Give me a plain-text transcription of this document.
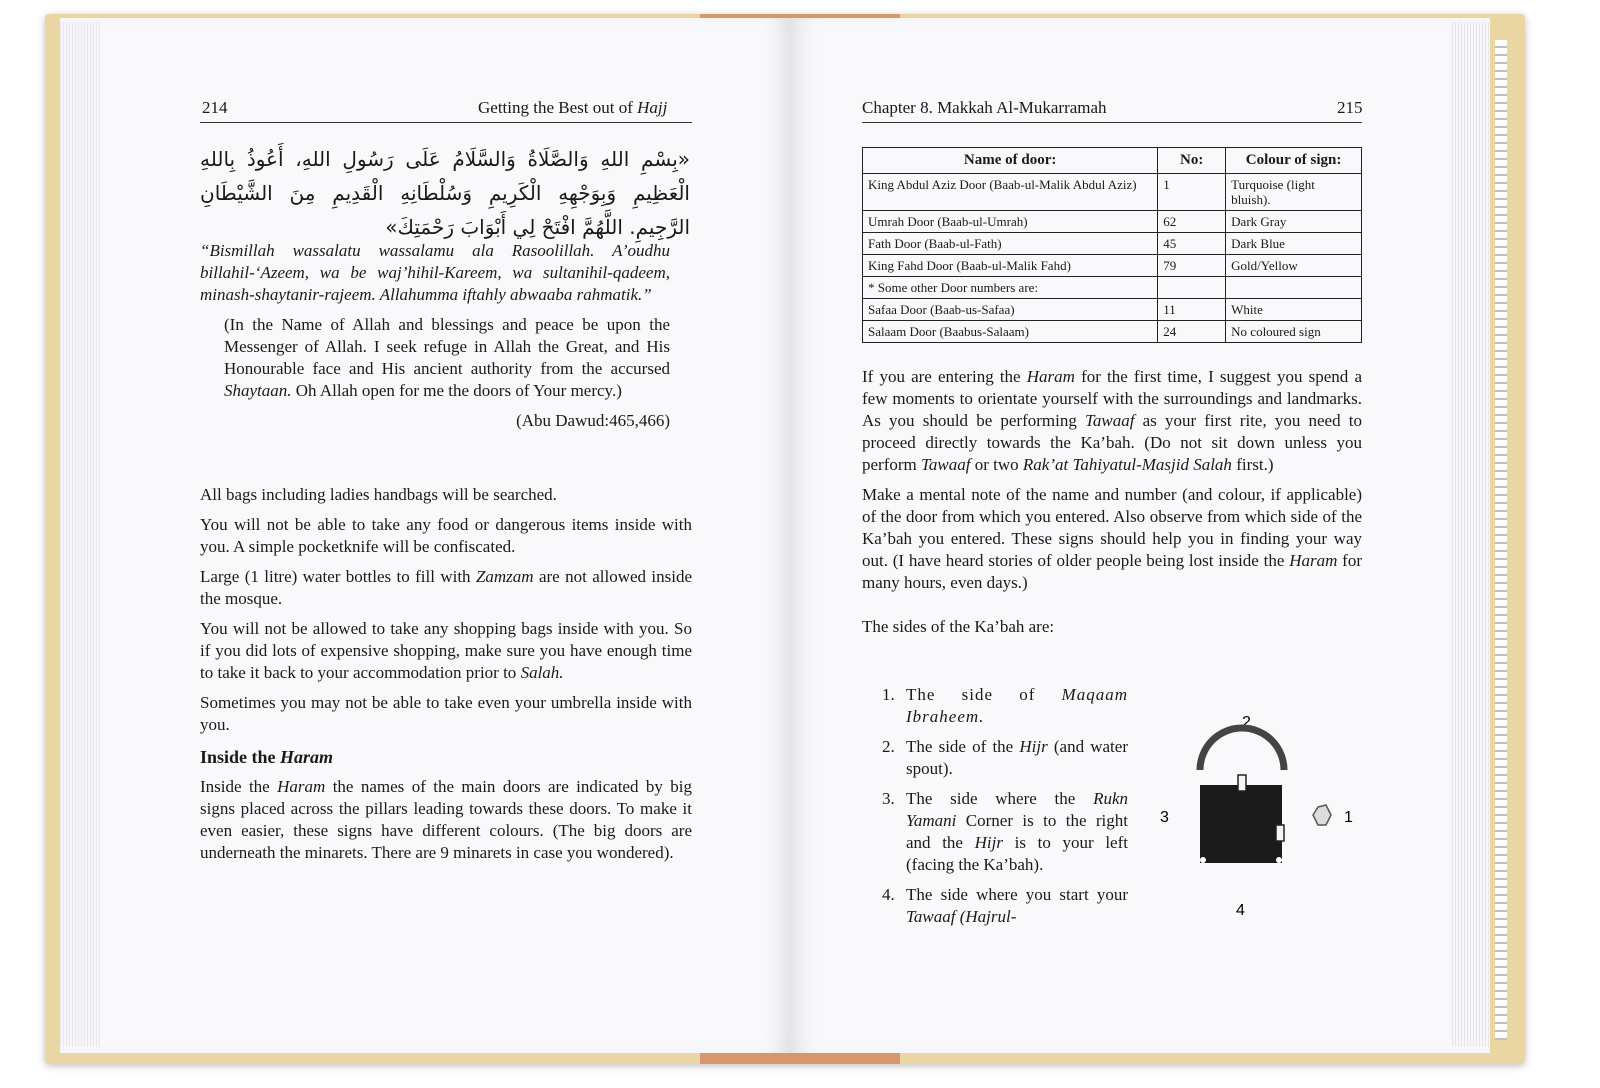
214	Getting the Best out of Hajj
«بِسْمِ اللهِ وَالصَّلَاةُ وَالسَّلَامُ عَلَى رَسُولِ اللهِ، أَعُوذُ بِاللهِ الْعَظِيمِ وَبِوَجْهِهِ الْكَرِيمِ وَسُلْطَانِهِ الْقَدِيمِ مِنَ الشَّيْطَانِ الرَّجِيمِ. اللَّهُمَّ افْتَحْ لِي أَبْوَابَ رَحْمَتِكَ»

“Bismillah wassalatu wassalamu ala Rasoolillah. A’oudhu billahil-‘Azeem, wa be waj’hihil-Kareem, wa sultanihil-qadeem, minash-shaytanir-rajeem. Allahumma iftahly abwaaba rahmatik.”

(In the Name of Allah and blessings and peace be upon the Messenger of Allah. I seek refuge in Allah the Great, and His Honourable face and His ancient authority from the accursed Shaytaan. Oh Allah open for me the doors of Your mercy.)

(Abu Dawud:465,466)

All bags including ladies handbags will be searched.

You will not be able to take any food or dangerous items inside with you. A simple pocketknife will be confiscated.

Large (1 litre) water bottles to fill with Zamzam are not allowed inside the mosque.

You will not be allowed to take any shopping bags inside with you. So if you did lots of expensive shopping, make sure you have enough time to take it back to your accommodation prior to Salah.

Sometimes you may not be able to take even your umbrella inside with you.

Inside the Haram

Inside the Haram the names of the main doors are indicated by big signs placed across the pillars leading towards these doors. To make it even easier, these signs have different colours. (The big doors are underneath the minarets. There are 9 minarets in case you wondered).

Chapter 8. Makkah Al-Mukarramah	215
Name of door:	No:	Colour of sign:
King Abdul Aziz Door (Baab-ul-Malik Abdul Aziz)	1	Turquoise (light bluish).
Umrah Door (Baab-ul-Umrah)	62	Dark Gray
Fath Door (Baab-ul-Fath)	45	Dark Blue
King Fahd Door (Baab-ul-Malik Fahd)	79	Gold/Yellow
* Some other Door numbers are:		
Safaa Door (Baab-us-Safaa)	11	White
Salaam Door (Baabus-Salaam)	24	No coloured sign

If you are entering the Haram for the first time, I suggest you spend a few moments to orientate yourself with the surroundings and landmarks. As you should be performing Tawaaf as your first rite, you need to proceed directly towards the Ka’bah. (Do not sit down unless you perform Tawaaf or two Rak’at Tahiyatul-Masjid Salah first.)

Make a mental note of the name and number (and colour, if applicable) of the door from which you entered. Also observe from which side of the Ka’bah you entered. These signs should help you in finding your way out. (I have heard stories of older people being lost inside the Haram for many hours, even days.)

The sides of the Ka’bah are:

1. The side of Maqaam Ibraheem.
2. The side of the Hijr (and water spout).
3. The side where the Rukn Yamani Corner is to the right and the Hijr is to your left (facing the Ka’bah).
4. The side where you start your Tawaaf (Hajrul-
2
1
3
4
